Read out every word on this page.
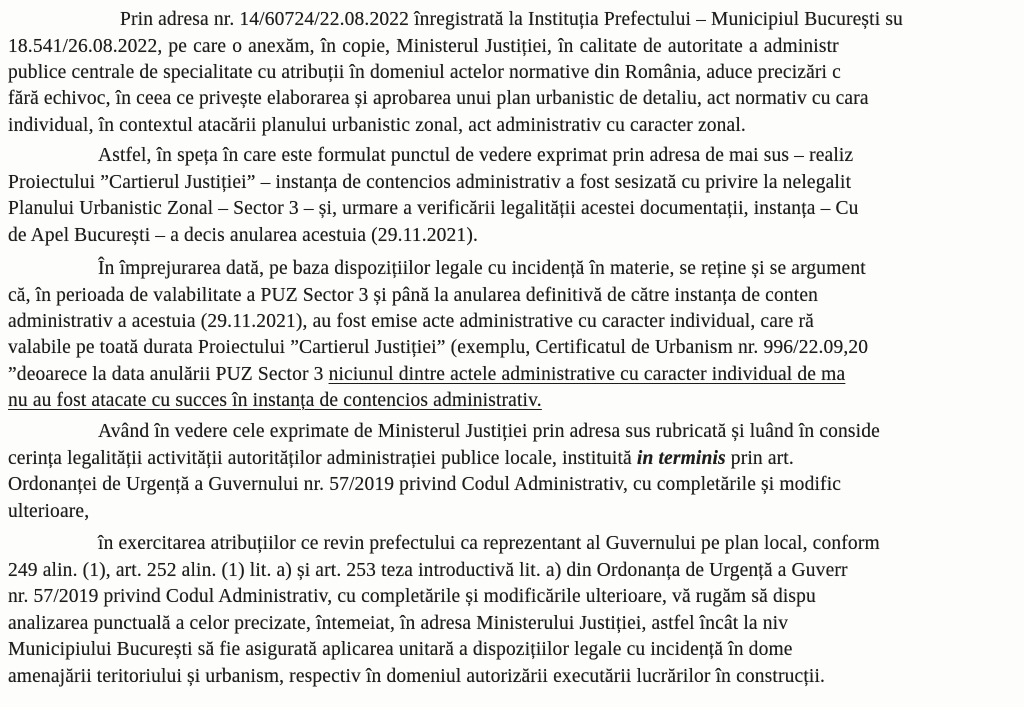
Prin adresa nr. 14/60724/22.08.2022 înregistrată la Instituția Prefectului – Municipiul București su
18.541/26.08.2022, pe care o anexăm, în copie, Ministerul Justiției, în calitate de autoritate a administr
publice centrale de specialitate cu atribuții în domeniul actelor normative din România, aduce precizări c
fără echivoc, în ceea ce privește elaborarea și aprobarea unui plan urbanistic de detaliu, act normativ cu cara
individual, în contextul atacării planului urbanistic zonal, act administrativ cu caracter zonal.
Astfel, în speța în care este formulat punctul de vedere exprimat prin adresa de mai sus – realiz
Proiectului ”Cartierul Justiției” – instanța de contencios administrativ a fost sesizată cu privire la nelegalit
Planului Urbanistic Zonal – Sector 3 – și, urmare a verificării legalității acestei documentații, instanța – Cu
de Apel București – a decis anularea acestuia (29.11.2021).
În împrejurarea dată, pe baza dispozițiilor legale cu incidență în materie, se reține și se argument
că, în perioada de valabilitate a PUZ Sector 3 și până la anularea definitivă de către instanța de conten
administrativ a acestuia (29.11.2021), au fost emise acte administrative cu caracter individual, care ră
valabile pe toată durata Proiectului ”Cartierul Justiției” (exemplu, Certificatul de Urbanism nr. 996/22.09,20
”deoarece la data anulării PUZ Sector 3 niciunul dintre actele administrative cu caracter individual de ma
nu au fost atacate cu succes în instanța de contencios administrativ.
Având în vedere cele exprimate de Ministerul Justiției prin adresa sus rubricată și luând în conside
cerința legalității activității autorităților administrației publice locale, instituită in terminis prin art.
Ordonanței de Urgență a Guvernului nr. 57/2019 privind Codul Administrativ, cu completările și modific
ulterioare,
în exercitarea atribuțiilor ce revin prefectului ca reprezentant al Guvernului pe plan local, conform
249 alin. (1), art. 252 alin. (1) lit. a) și art. 253 teza introductivă lit. a) din Ordonanța de Urgență a Guverr
nr. 57/2019 privind Codul Administrativ, cu completările și modificările ulterioare, vă rugăm să dispu
analizarea punctuală a celor precizate, întemeiat, în adresa Ministerului Justiției, astfel încât la niv
Municipiului București să fie asigurată aplicarea unitară a dispozițiilor legale cu incidență în dome
amenajării teritoriului și urbanism, respectiv în domeniul autorizării executării lucrărilor în construcții.
